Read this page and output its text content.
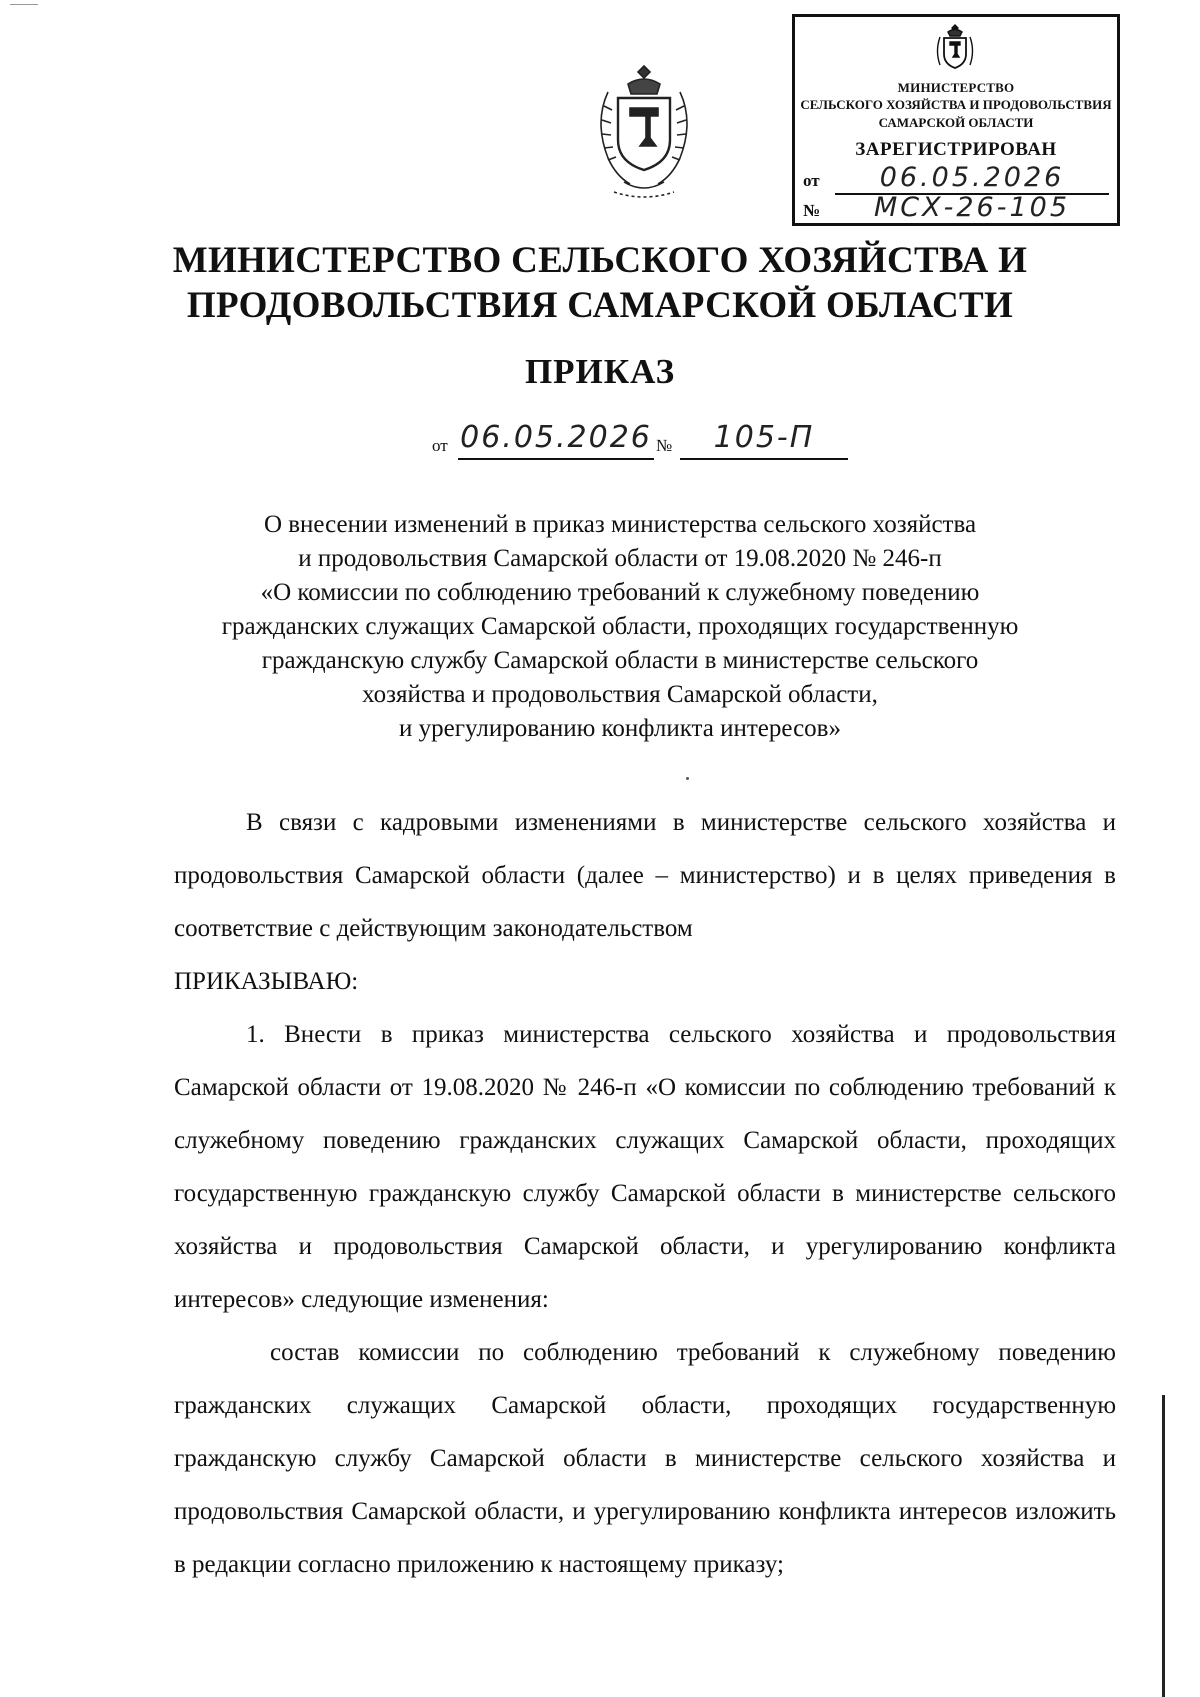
МИНИСТЕРСТВО
СЕЛЬСКОГО ХОЗЯЙСТВА И ПРОДОВОЛЬСТВИЯ
САМАРСКОЙ ОБЛАСТИ
ЗАРЕГИСТРИРОВАН
от	06.05.2026
№	МСХ-26-105
МИНИСТЕРСТВО СЕЛЬСКОГО ХОЗЯЙСТВА И
ПРОДОВОЛЬСТВИЯ САМАРСКОЙ ОБЛАСТИ
ПРИКАЗ
от 06.05.2026 №	105-П
О внесении изменений в приказ министерства сельского хозяйства
и продовольствия Самарской области от 19.08.2020 № 246-п
«О комиссии по соблюдению требований к служебному поведению
гражданских служащих Самарской области, проходящих государственную
гражданскую службу Самарской области в министерстве сельского
хозяйства и продовольствия Самарской области,
и урегулированию конфликта интересов»

В связи с кадровыми изменениями в министерстве сельского хозяйства и продовольствия Самарской области (далее – министерство) и в целях приведения в соответствие с действующим законодательством

ПРИКАЗЫВАЮ:

1. Внести в приказ министерства сельского хозяйства и продовольствия Самарской области от 19.08.2020 № 246-п «О комиссии по соблюдению требований к служебному поведению гражданских служащих Самарской области, проходящих государственную гражданскую службу Самарской области в министерстве сельского хозяйства и продовольствия Самарской области, и урегулированию конфликта интересов» следующие изменения:

состав комиссии по соблюдению требований к служебному поведению гражданских служащих Самарской области, проходящих государственную гражданскую службу Самарской области в министерстве сельского хозяйства и продовольствия Самарской области, и урегулированию конфликта интересов изложить в редакции согласно приложению к настоящему приказу;
